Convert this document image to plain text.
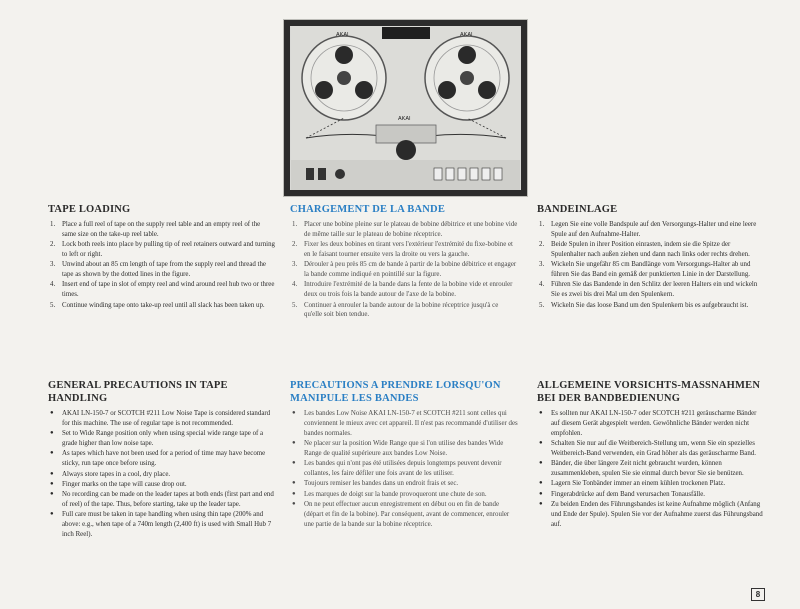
AKAI	AKAI
AKAI
TAPE LOADING
1. Place a full reel of tape on the supply reel table and an empty reel of the same size on the take-up reel table.
2. Lock both reels into place by pulling tip of reel retainers outward and turning to left or right.
3. Unwind about an 85 cm length of tape from the supply reel and thread the tape as shown by the dotted lines in the figure.
4. Insert end of tape in slot of empty reel and wind around reel hub two or three times.
5. Continue winding tape onto take-up reel until all slack has been taken up.
CHARGEMENT DE LA BANDE
1. Placer une bobine pleine sur le plateau de bobine débitrice et une bobine vide de même taille sur le plateau de bobine réceptrice.
2. Fixer les deux bobines en tirant vers l'extérieur l'extrémité du fixe-bobine et en le faisant tourner ensuite vers la droite ou vers la gauche.
3. Dérouler à peu près 85 cm de bande à partir de la bobine débitrice et engager la bande comme indiqué en pointillé sur la figure.
4. Introduire l'extrémité de la bande dans la fente de la bobine vide et enrouler deux ou trois fois la bande autour de l'axe de la bobine.
5. Continuer à enrouler la bande autour de la bobine réceptrice jusqu'à ce qu'elle soit bien tendue.
BANDEINLAGE
1. Legen Sie eine volle Bandspule auf den Versorgungs-Halter und eine leere Spule auf den Aufnahme-Halter.
2. Beide Spulen in ihrer Position einrasten, indem sie die Spitze der Spulenhalter nach außen ziehen und dann nach links oder rechts drehen.
3. Wickeln Sie ungefähr 85 cm Bandlänge vom Versorgungs-Halter ab und führen Sie das Band ein gemäß der punktierten Linie in der Darstellung.
4. Führen Sie das Bandende in den Schlitz der leeren Halters ein und wickeln Sie es zwei bis drei Mal um den Spulenkern.
5. Wickeln Sie das loose Band um den Spulenkern bis es aufgebraucht ist.
GENERAL PRECAUTIONS IN TAPE HANDLING
● AKAI LN-150-7 or SCOTCH #211 Low Noise Tape is considered standard for this machine. The use of regular tape is not recommended.
● Set to Wide Range position only when using special wide range tape of a grade higher than low noise tape.
● As tapes which have not been used for a period of time may have become sticky, run tape once before using.
● Always store tapes in a cool, dry place.
● Finger marks on the tape will cause drop out.
● No recording can be made on the leader tapes at both ends (first part and end of reel) of the tape. Thus, before starting, take up the leader tape.
● Full care must be taken in tape handling when using thin tape (200% and above: e.g., when tape of a 740m length (2,400 ft) is used with Small Hub 7 inch Reel).
PRECAUTIONS A PRENDRE LORSQU'ON MANIPULE LES BANDES
● Les bandes Low Noise AKAI LN-150-7 et SCOTCH #211 sont celles qui conviennent le mieux avec cet appareil. Il n'est pas recommandé d'utiliser des bandes normales.
● Ne placer sur la position Wide Range que si l'on utilise des bandes Wide Range de qualité supérieure aux bandes Low Noise.
● Les bandes qui n'ont pas été utilisées depuis longtemps peuvent devenir collantes, les faire défiler une fois avant de les utiliser.
● Toujours remiser les bandes dans un endroit frais et sec.
● Les marques de doigt sur la bande provoqueront une chute de son.
● On ne peut effectuer aucun enregistrement en début ou en fin de bande (départ et fin de la bobine). Par conséquent, avant de commencer, enrouler une partie de la bande sur la bobine réceptrice.
ALLGEMEINE VORSICHTS-MASSNAHMEN BEI DER BANDBEDIENUNG
● Es sollten nur AKAI LN-150-7 oder SCOTCH #211 geräuscharme Bänder auf diesem Gerät abgespielt werden. Gewöhnliche Bänder werden nicht empfohlen.
● Schalten Sie nur auf die Weitbereich-Stellung um, wenn Sie ein spezielles Weitbereich-Band verwenden, ein Grad höher als das geräuscharme Band.
● Bänder, die über längere Zeit nicht gebraucht wurden, können zusammenkleben, spulen Sie sie einmal durch bevor Sie sie benützen.
● Lagern Sie Tonbänder immer an einem kühlen trockenen Platz.
● Fingerabdrücke auf dem Band verursachen Tonausfälle.
● Zu beiden Enden des Führungsbandes ist keine Aufnahme möglich (Anfang und Ende der Spule). Spulen Sie vor der Aufnahme zuerst das Führungsband auf.
8
